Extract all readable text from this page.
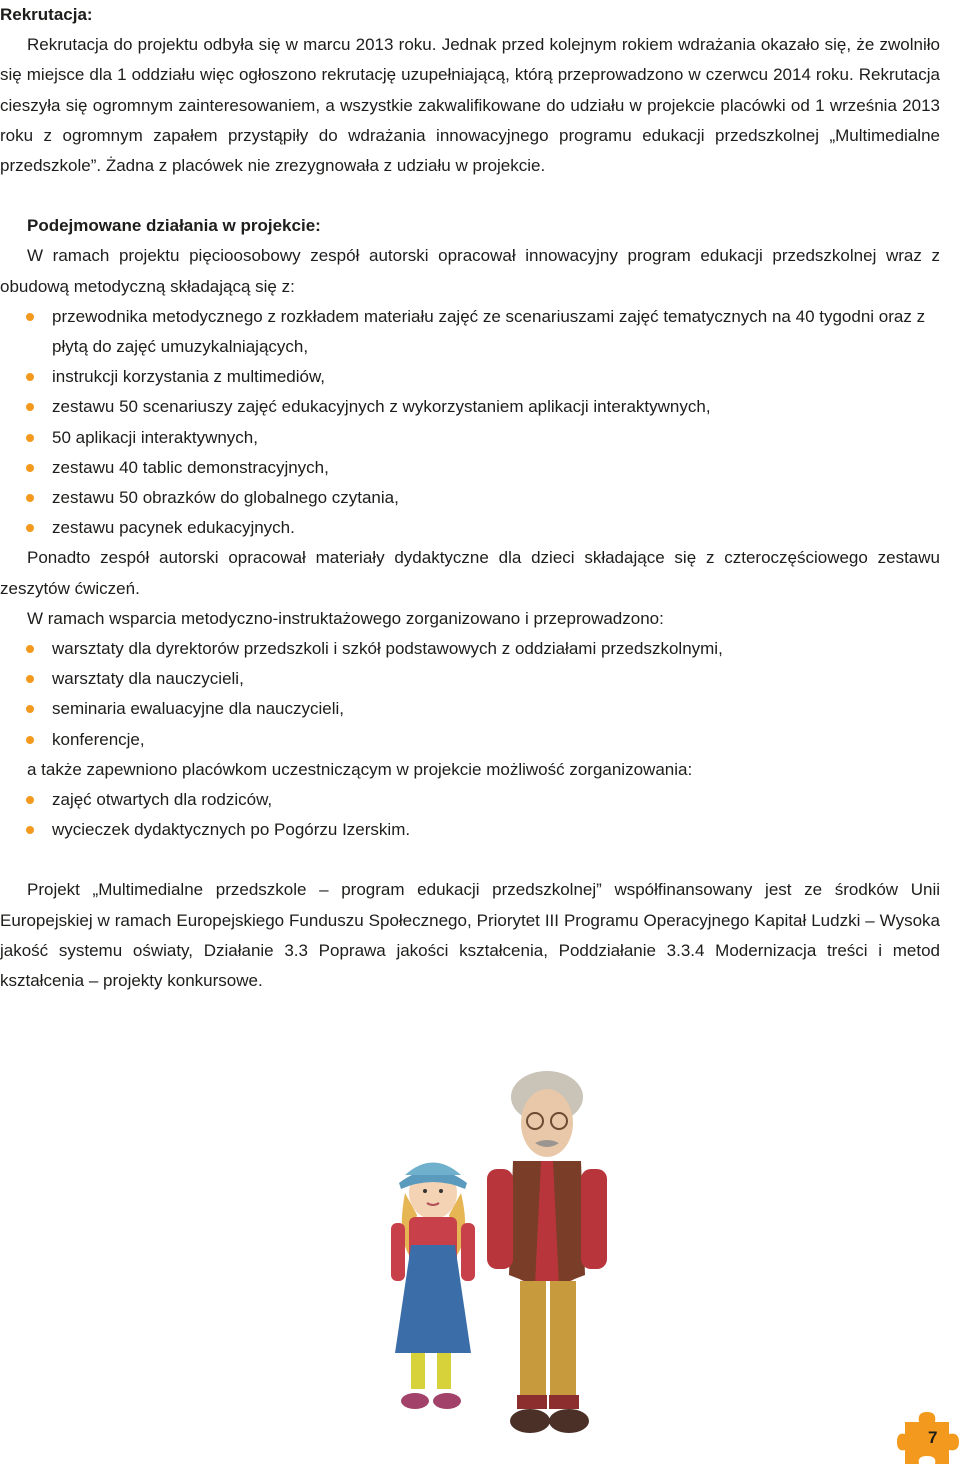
Rekrutacja:

Rekrutacja do projektu odbyła się w marcu 2013 roku. Jednak przed kolejnym rokiem wdrażania okazało się, że zwolniło się miejsce dla 1 oddziału więc ogłoszono rekrutację uzupełniającą, którą przeprowadzono w czerwcu 2014 roku. Rekrutacja cieszyła się ogromnym zainteresowaniem, a wszystkie zakwalifikowane do udziału w projekcie placówki od 1 września 2013 roku z ogromnym zapałem przystąpiły do wdrażania innowacyjnego programu edukacji przedszkolnej „Multimedialne przedszkole”. Żadna z placówek nie zrezygnowała z udziału w projekcie.

Podejmowane działania w projekcie:

W ramach projektu pięcioosobowy zespół autorski opracował innowacyjny program edukacji przedszkolnej wraz z obudową metodyczną składającą się z:

przewodnika metodycznego z rozkładem materiału zajęć ze scenariuszami zajęć tematycznych na 40 tygodni oraz z płytą do zajęć umuzykalniających,
instrukcji korzystania z multimediów,
zestawu 50 scenariuszy zajęć edukacyjnych z wykorzystaniem aplikacji interaktywnych,
50 aplikacji interaktywnych,
zestawu 40 tablic demonstracyjnych,
zestawu 50 obrazków do globalnego czytania,
zestawu pacynek edukacyjnych.

Ponadto zespół autorski opracował materiały dydaktyczne dla dzieci składające się z czteroczęściowego zestawu zeszytów ćwiczeń.

W ramach wsparcia metodyczno-instruktażowego zorganizowano i przeprowadzono:

warsztaty dla dyrektorów przedszkoli i szkół podstawowych z oddziałami przedszkolnymi,
warsztaty dla nauczycieli,
seminaria ewaluacyjne dla nauczycieli,
konferencje,

a także zapewniono placówkom uczestniczącym w projekcie możliwość zorganizowania:

zajęć otwartych dla rodziców,
wycieczek dydaktycznych po Pogórzu Izerskim.

Projekt „Multimedialne przedszkole – program edukacji przedszkolnej” współfinansowany jest ze środków Unii Europejskiej w ramach Europejskiego Funduszu Społecznego, Priorytet III Programu Operacyjnego Kapitał Ludzki – Wysoka jakość systemu oświaty, Działanie 3.3 Poprawa jakości kształcenia, Poddziałanie 3.3.4 Modernizacja treści i metod kształcenia – projekty konkursowe.

7
